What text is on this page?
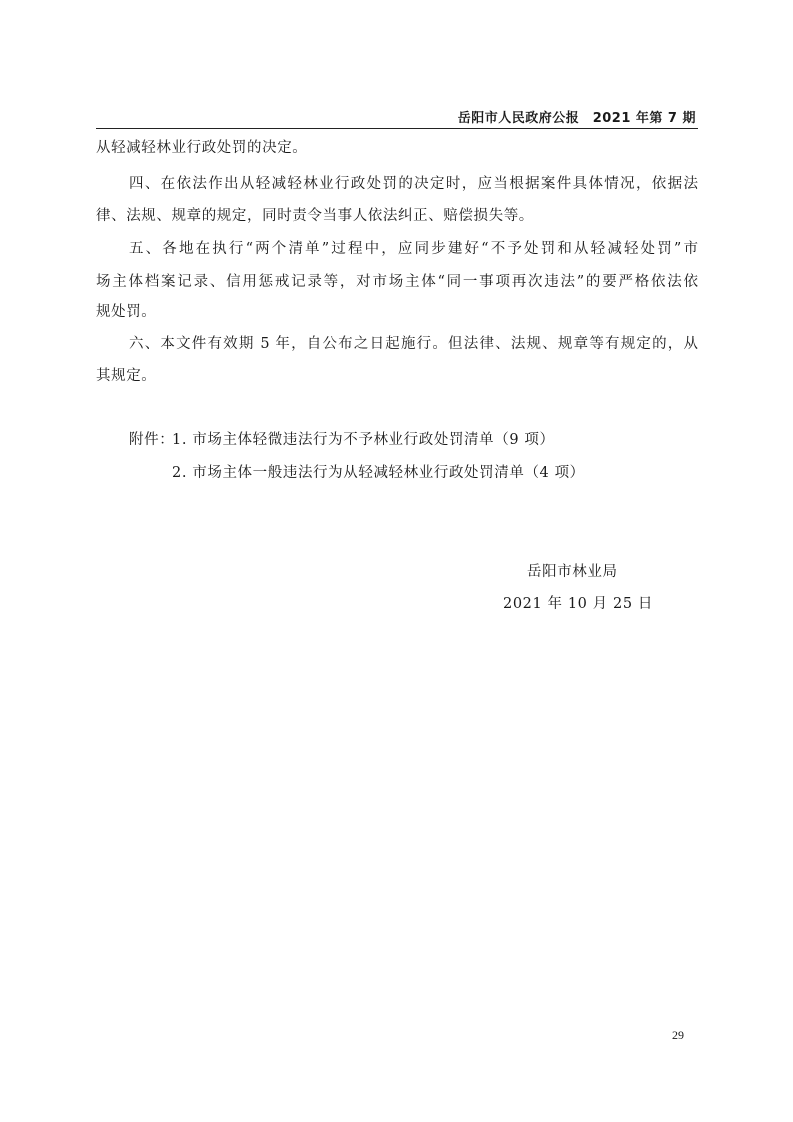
岳阳市人民政府公报　2021 年第 7 期
从轻减轻林业行政处罚的决定。
四、在依法作出从轻减轻林业行政处罚的决定时，应当根据案件具体情况，依据法
律、法规、规章的规定，同时责令当事人依法纠正、赔偿损失等。
五、各地在执行“两个清单”过程中，应同步建好“不予处罚和从轻减轻处罚”市
场主体档案记录、信用惩戒记录等，对市场主体“同一事项再次违法”的要严格依法依
规处罚。
六、本文件有效期 5 年，自公布之日起施行。但法律、法规、规章等有规定的，从
其规定。
附件：
1. 市场主体轻微违法行为不予林业行政处罚清单（9 项）
2. 市场主体一般违法行为从轻减轻林业行政处罚清单（4 项）
岳阳市林业局
2021 年 10 月 25 日
29
